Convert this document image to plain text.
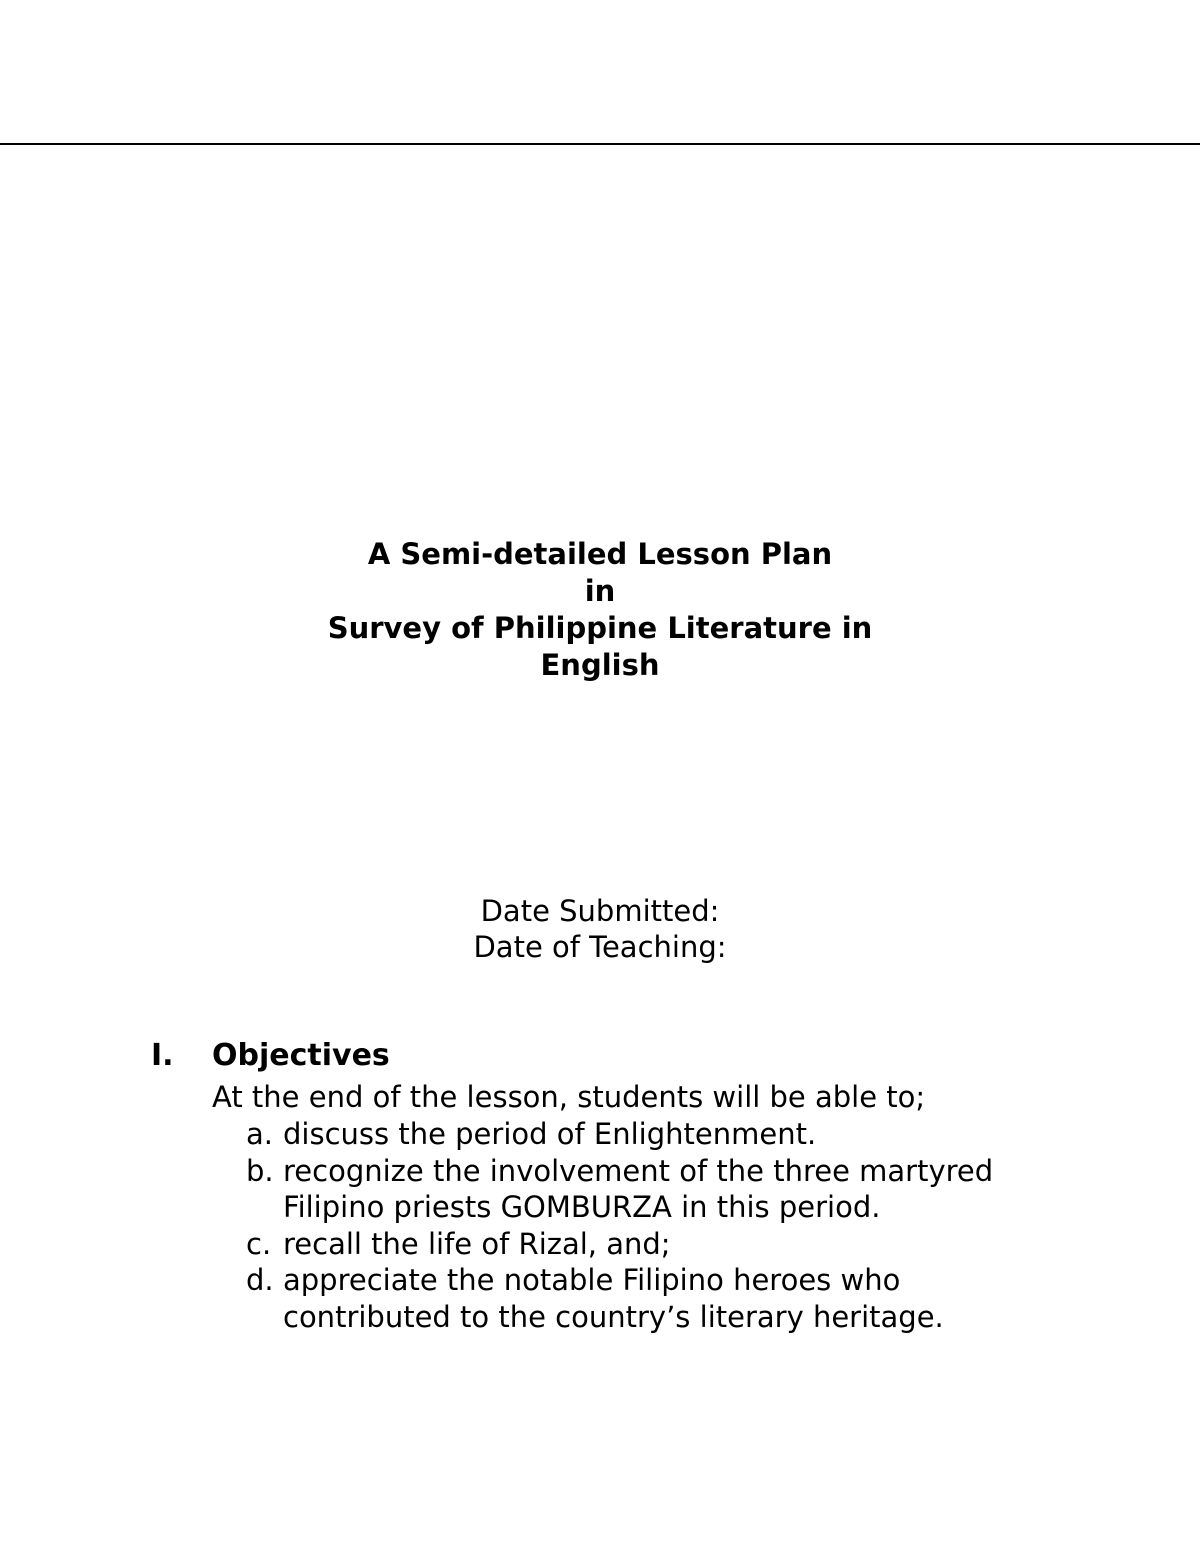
A Semi-detailed Lesson Plan
in
Survey of Philippine Literature in
English
Date Submitted:
Date of Teaching:
I.	Objectives
At the end of the lesson, students will be able to;
a. discuss the period of Enlightenment.
b. recognize the involvement of the three martyred Filipino priests GOMBURZA in this period.
c. recall the life of Rizal, and;
d. appreciate the notable Filipino heroes who contributed to the country’s literary heritage.
